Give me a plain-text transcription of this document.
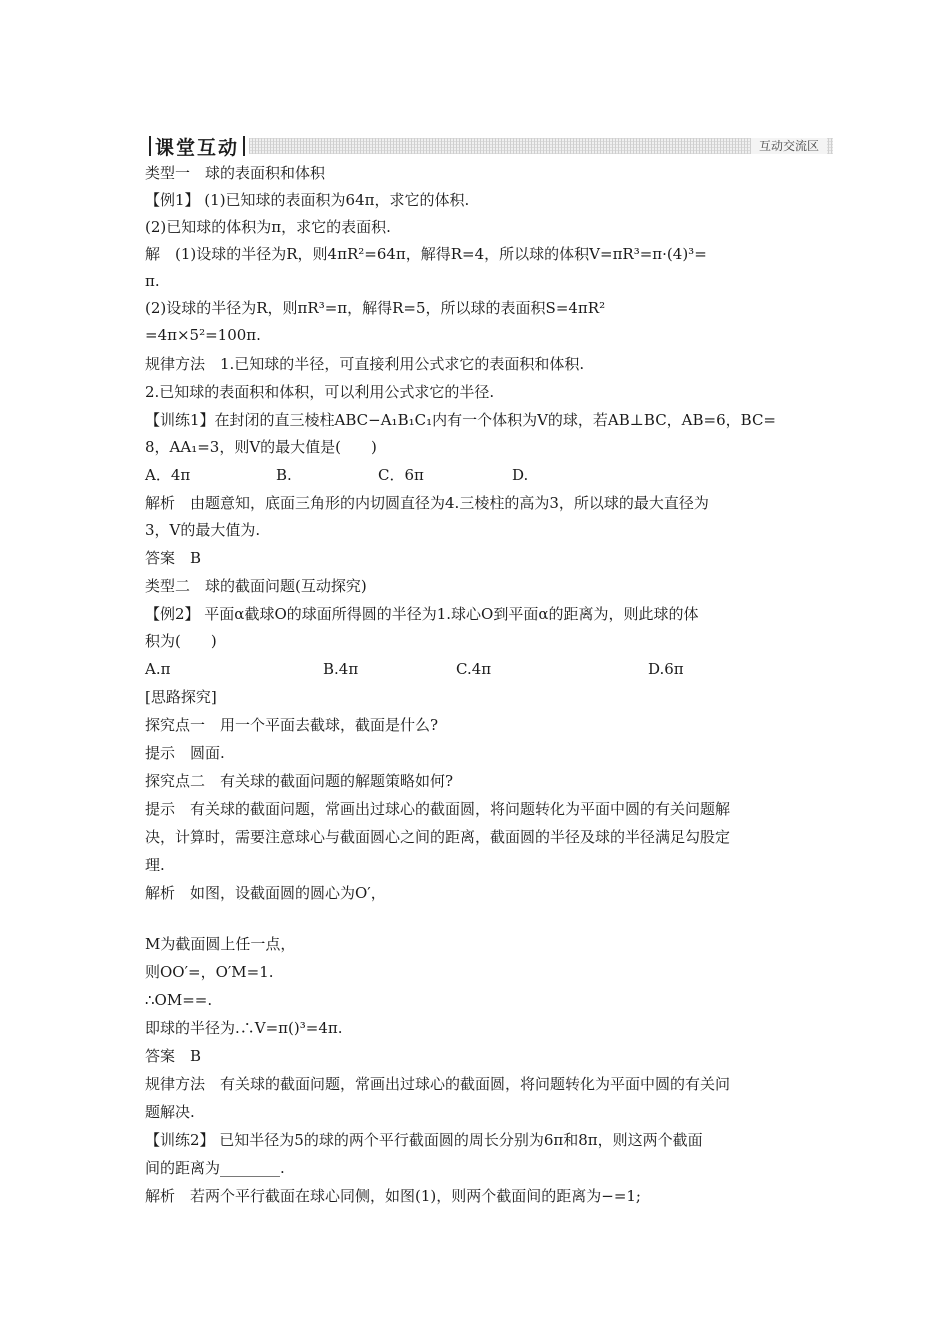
课堂互动	互动交流区
类型一　球的表面积和体积
【例1】 (1)已知球的表面积为64π，求它的体积.
(2)已知球的体积为π，求它的表面积.
解　(1)设球的半径为R，则4πR²=64π，解得R=4，所以球的体积V=πR³=π·(4)³=
π.
(2)设球的半径为R，则πR³=π，解得R=5，所以球的表面积S=4πR²
=4π×5²=100π.
规律方法　1.已知球的半径，可直接利用公式求它的表面积和体积.
2.已知球的表面积和体积，可以利用公式求它的半径.
【训练1】在封闭的直三棱柱ABC−A₁B₁C₁内有一个体积为V的球，若AB⊥BC，AB=6，BC=
8，AA₁=3，则V的最大值是(　　)
解析　由题意知，底面三角形的内切圆直径为4.三棱柱的高为3，所以球的最大直径为
3，V的最大值为.
答案　B
类型二　球的截面问题(互动探究)
【例2】 平面α截球O的球面所得圆的半径为1.球心O到平面α的距离为，则此球的体
积为(　　)
[思路探究]
探究点一　用一个平面去截球，截面是什么?
提示　圆面.
探究点二　有关球的截面问题的解题策略如何?
提示　有关球的截面问题，常画出过球心的截面圆，将问题转化为平面中圆的有关问题解
决，计算时，需要注意球心与截面圆心之间的距离，截面圆的半径及球的半径满足勾股定
理.
解析　如图，设截面圆的圆心为O′，
M为截面圆上任一点，
则OO′=，O′M=1.
∴OM==.
即球的半径为.∴V=π()³=4π.
答案　B
规律方法　有关球的截面问题，常画出过球心的截面圆，将问题转化为平面中圆的有关问
题解决.
【训练2】 已知半径为5的球的两个平行截面圆的周长分别为6π和8π，则这两个截面
间的距离为________.
解析　若两个平行截面在球心同侧，如图(1)，则两个截面间的距离为−=1;
A．4π	B.	C．6π	D.
A.π	B.4π	C.4π	D.6π
